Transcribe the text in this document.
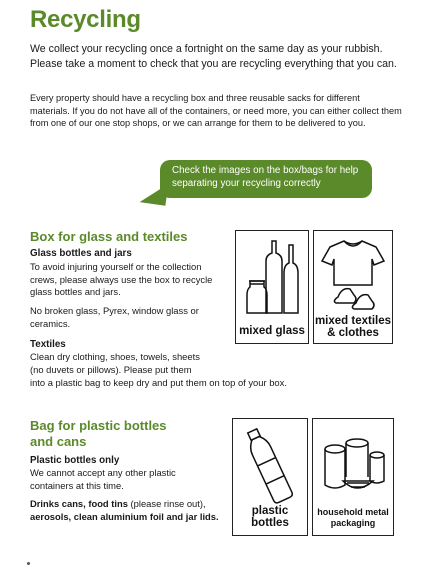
Recycling
We collect your recycling once a fortnight on the same day as your rubbish. Please take a moment to check that you are recycling everything that you can.
Every property should have a recycling box and three reusable sacks for different materials. If you do not have all of the containers, or need more, you can either collect them from one of our one stop shops, or we can arrange for them to be delivered to you.
Check the images on the box/bags for help separating your recycling correctly
Box for glass and textiles
Glass bottles and jars
To avoid injuring yourself or the collection crews, please always use the box to recycle glass bottles and jars.
No broken glass, Pyrex, window glass or ceramics.
Textiles
Clean dry clothing, shoes, towels, sheets
(no duvets or pillows). Please put them
into a plastic bag to keep dry and put them on top of your box.
mixed glass
mixed textiles
& clothes
Bag for plastic bottles
and cans
Plastic bottles only
We cannot accept any other plastic containers at this time.
Drinks cans, food tins (please rinse out), aerosols, clean aluminium foil and jar lids.	plastic bottles
household metal
packaging
